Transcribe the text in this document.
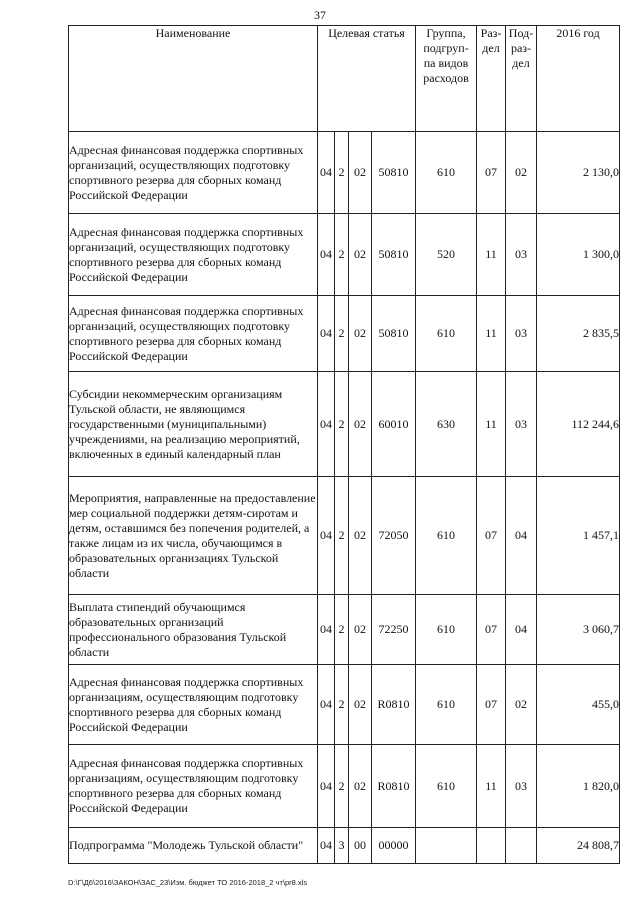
37
Наименование	Целевая статья				Группа, подгруп- па видов расходов	Раз- дел	Под- раз- дел	2016 год
Адресная финансовая поддержка спортивных организаций, осуществляющих подготовку спортивного резерва для сборных команд Российской Федерации	04	2	02	50810	610	07	02	2 130,0
Адресная финансовая поддержка спортивных организаций, осуществляющих подготовку спортивного резерва для сборных команд Российской Федерации	04	2	02	50810	520	11	03	1 300,0
Адресная финансовая поддержка спортивных организаций, осуществляющих подготовку спортивного резерва для сборных команд Российской Федерации	04	2	02	50810	610	11	03	2 835,5
Субсидии некоммерческим организациям Тульской области, не являющимся государственными (муниципальными) учреждениями, на реализацию мероприятий, включенных в единый календарный план	04	2	02	60010	630	11	03	112 244,6
Мероприятия, направленные на предоставление мер социальной поддержки детям-сиротам и детям, оставшимся без попечения родителей, а также лицам из их числа, обучающимся в образовательных организациях Тульской области	04	2	02	72050	610	07	04	1 457,1
Выплата стипендий обучающимся образовательных организаций профессионального образования Тульской области	04	2	02	72250	610	07	04	3 060,7
Адресная финансовая поддержка спортивных организациям, осуществляющим подготовку спортивного резерва для сборных команд Российской Федерации	04	2	02	R0810	610	07	02	455,0
Адресная финансовая поддержка спортивных организациям, осуществляющим подготовку спортивного резерва для сборных команд Российской Федерации	04	2	02	R0810	610	11	03	1 820,0
Подпрограмма "Молодежь Тульской области"	04	3	00	00000				24 808,7
D:\Г\Д6\2016\ЗАКОН\ЗАС_23\Изм. бюджет ТО 2016-2018_2 чт\pr8.xls
